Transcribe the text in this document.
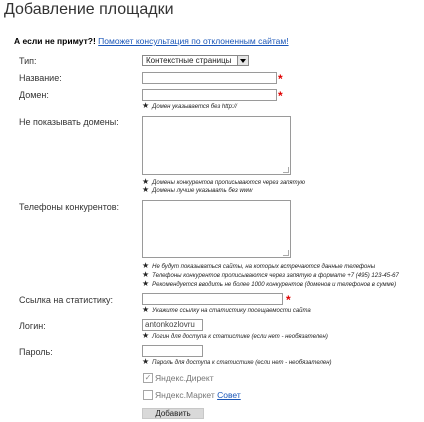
Добавление площадки
А если не примут?! Поможет консультация по отклоненным сайтам!
Тип:	Контекстные страницы
Название:	*
Домен:	*
★ Домен указывается без http://
Не показывать домены:
★ Домены конкурентов прописываются через запятую
★ Домены лучше указывать без www
Телефоны конкурентов:
★ Не будут показываться сайты, на которых встречаются данные телефоны
★ Телефоны конкурентов прописываются через запятую в формате +7 (495) 123-45-67
★ Рекомендуется вводить не более 1000 конкурентов (доменов и телефонов в сумме)
Ссылка на статистику:	*
★ Укажите ссылку на статистику посещаемости сайта
Логин:	antonkozlovru
★ Логин для доступа к статистике (если нет - необязателен)
Пароль:
★ Пароль для доступа к статистике (если нет - необязателен)
✓ Яндекс.Директ
Яндекс.Маркет Совет
Добавить
